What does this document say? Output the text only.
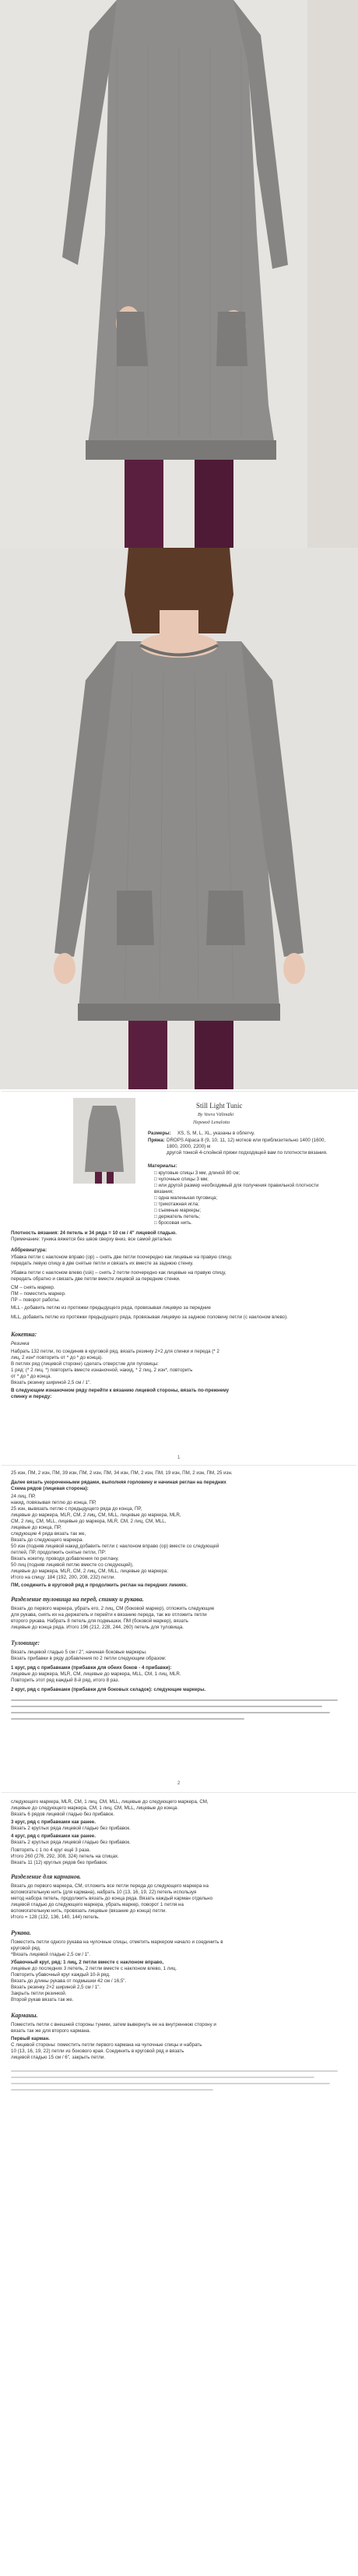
Still Light Tunic
By Veera Välimäki
Перевод Lenalotta
Размеры: XS, S, M, L, XL, указаны в облегчу.
Пряжа: DROPS Alpaca 8 (9, 10, 11, 12) мотков или приблизительно 1400 (1600, 1800, 2000, 2200) м
другой тонкой 4-слойной пряжи подходящей вам по плотности вязания.
Материалы:
□ круговые спицы 3 мм, длиной 80 см;
□ чулочные спицы 3 мм;
□ или другой размер необходимый для получения правильной плотности вязания;
□ одна маленькая пуговица;
□ трикотажная игла;
□ съемные маркеры;
□ держатель петель;
□ бросовая нить.
Плотность вязания: 24 петель и 34 ряда = 10 см / 4" лицевой гладью.
Примечание: туника вяжется без швов сверху вниз, все самой деталью.
Аббревиатура:
Убавка петли с наклоном вправо (ор) – снять две петли поочередно как лицевые на правую спицу,
передать левую спицу в две снятые петли и связать их вместе за заднюю стенку.
Убавка петли с наклоном влево (ssk) – снять 2 петли поочередно как лицевые на правую спицу,
передать обратно и связать две петли вместе лицевой за передние стенки.
СМ – снять маркер.
ПМ – поместить маркер.
ПР – поворот работы.
MLL - добавить петлю из протяжки предыдущего ряда, провязывая лицевую за передние
MLL, добавить петлю из протяжки предыдущего ряда, провязывая лицевую за заднюю половину петли (с наклоном влево).
Кокетка:
Резинка
Набрать 132 петли, по соединив в круговой ряд, вязать резинку 2×2 для спинки и переда (* 2
лиц, 2 изн* повторить от * до * до конца).
В петлях ряд (лицевой стороне) сделать отверстие для пуговицы:
1 ряд: (* 2 лиц. *) повторить вместе изнаночной, накид, * 2 лиц, 2 изн*, повторить
от * до * до конца.
Вязать резинку шириной 2,5 см / 1".
В следующем изнаночном ряду перейти к вязанию лицевой стороны, вязать по-прежнему
спинку и переду:
1
25 изн, ПМ, 2 изн, ПМ, 39 изн, ПМ, 2 изн, ПМ, 34 изн, ПМ, 2 изн, ПМ, 19 изн, ПМ, 2 изн, ПМ, 25 изн.
Далее вязать укороченными рядами, выполняя горловину и начиная реглан на передних
Схема рядов (лицевая сторона):
24 лиц, ПР,
накид, повязывая петлю до конца, ПР,
25 изн, вывязать петлю с предыдущего ряда до конца, ПР,
лицевые до маркера, MLR, СМ, 2 лиц, СМ, MLL, лицевые до маркера, MLR,
СМ, 2 лиц, СМ, MLL, лицевые до маркера, MLR, СМ, 2 лиц, СМ, MLL,
лицевые до конца, ПР,
следующие 4 ряда вязать так же,
Вязать до следующего маркера.
50 изн (подняв лицевой накид добавить петли с наклоном вправо (ор) вместе со следующей
петлей, ПР, продолжить снятые петли, ПР:
Вязать кокетку, проводя добавления по реглану,
50 лиц (подняв лицевой петлю вместе со следующей),
лицевые до маркера, MLR, СМ, 2 лиц, СМ, MLL, лицевые до маркера:
Итого на спицу: 184 (192, 200, 208, 232) петли.
ПМ, соединить в круговой ряд и продолжить реглан на передних линиях.
Разделение туловища на перед, спинку и рукава.
Вязать до первого маркера, убрать его, 2 лиц, СМ (боковой маркер), отложить следующие
для рукава, снять их на держатель и перейти к вязанию переда, так же отложить петли
второго рукава. Набрать 8 петель для подмышки, ПМ (боковой маркер), вязать
лицевые до конца ряда. Итого 196 (212, 228, 244, 260) петель для туловища.
Туловище:
Вязать лицевой гладью 5 см / 2", начиная боковые маркеры.
Вязать прибавки в ряду добавления по 2 петли следующим образом:
1 круг, ряд с прибавками (прибавки для обеих боков - 4 прибавки):
лицевые до маркера, MLR, СМ, лицевые до маркера, MLL, СМ, 1 лиц, MLR.
Повторить этот ряд каждый 8-й ряд, итого 8 раз.
2 круг, ряд с прибавками (прибавки для боковых складок): следующие маркеры.
2
следующего маркера, MLR, СМ, 1 лиц, СМ, MLL, лицевые до следующего маркера, СМ,
лицевые до следующего маркера, СМ, 1 лиц, СМ, MLL, лицевые до конца.
Вязать 6 рядов лицевой гладью без прибавок.
3 круг, ряд с прибавками как ранее.
Вязать 2 круглых ряда лицевой гладью без прибавок.
4 круг, ряд с прибавками как ранее.
Вязать 2 круглых ряда лицевой гладью без прибавок.
Повторять с 1 по 4 круг ещё 3 раза.
Итого 260 (276, 292, 308, 324) петель на спицах.
Вязать 11 (12) круглых рядов без прибавок.
Разделение для карманов.
Вязать до первого маркера, СМ, отложить все петли переда до следующего маркера на
вспомогательную нить (для кармана), набрать 10 (13, 16, 19, 22) петель используя
метод набора петель, продолжить вязать до конца ряда. Вязать каждый карман отдельно
лицевой гладью до следующего маркера, убрать маркер, поворот 1 петля на
вспомогательную нить, провязать лицевые (вязание до конца) петли.
Итого = 128 (132, 136, 140, 144) петель.
Рукава.
Поместить петли одного рукава на чулочные спицы, отметить маркером начало и соединить в
круговой ряд.
*Вязать лицевой гладью 2,5 см / 1".
Убавочный круг, ряд: 1 лиц, 2 петли вместе с наклоном вправо,
лицевые до последних 3 петель, 2 петли вместе с наклоном влево, 1 лиц.
Повторить убавочный круг каждый 10-й ряд.
Вязать до длины рукава от подмышки 42 см / 16,5".
Вязать резинку 2×2 шириной 2,5 см / 1".
Закрыть петли резинкой.
Второй рукав вязать так же.
Карманы.
Поместить петли с внешней стороны туники, затем вывернуть ее на внутреннюю сторону и
вязать так же для второго кармана.
Первый карман.
С лицевой стороны: поместить петли первого кармана на чулочные спицы и набрать
10 (13, 16, 19, 22) петли из бокового края. Соединить в круговой ряд и вязать
лицевой гладью 15 см / 6", закрыть петли.
